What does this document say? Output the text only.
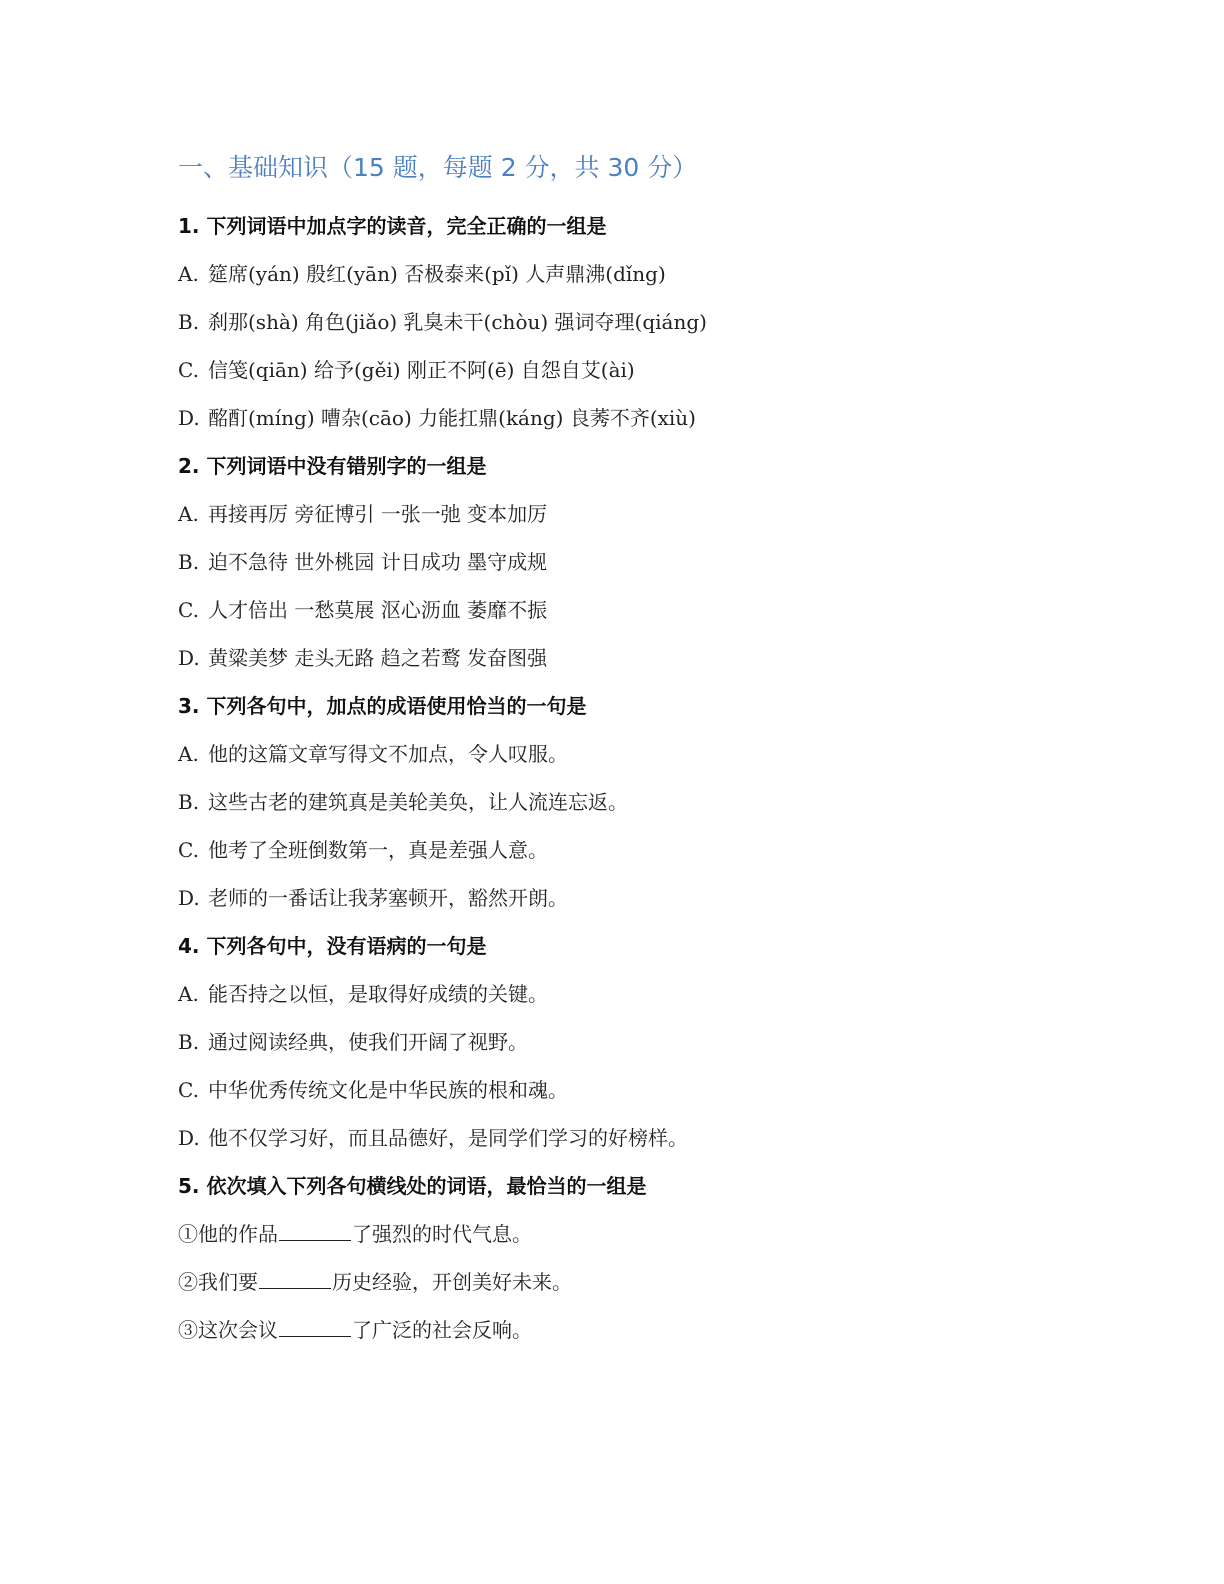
一、基础知识（15 题，每题 2 分，共 30 分）
1. 下列词语中加点字的读音，完全正确的一组是
A. 筵席(yán) 殷红(yān) 否极泰来(pǐ) 人声鼎沸(dǐng)
B. 刹那(shà) 角色(jiǎo) 乳臭未干(chòu) 强词夺理(qiáng)
C. 信笺(qiān) 给予(gěi) 刚正不阿(ē) 自怨自艾(ài)
D. 酩酊(míng) 嘈杂(cāo) 力能扛鼎(káng) 良莠不齐(xiù)
2. 下列词语中没有错别字的一组是
A. 再接再厉 旁征博引 一张一弛 变本加厉
B. 迫不急待 世外桃园 计日成功 墨守成规
C. 人才倍出 一愁莫展 沤心沥血 萎靡不振
D. 黄粱美梦 走头无路 趋之若鹜 发奋图强
3. 下列各句中，加点的成语使用恰当的一句是
A. 他的这篇文章写得文不加点，令人叹服。
B. 这些古老的建筑真是美轮美奂，让人流连忘返。
C. 他考了全班倒数第一，真是差强人意。
D. 老师的一番话让我茅塞顿开，豁然开朗。
4. 下列各句中，没有语病的一句是
A. 能否持之以恒，是取得好成绩的关键。
B. 通过阅读经典，使我们开阔了视野。
C. 中华优秀传统文化是中华民族的根和魂。
D. 他不仅学习好，而且品德好，是同学们学习的好榜样。
5. 依次填入下列各句横线处的词语，最恰当的一组是
①他的作品	了强烈的时代气息。
②我们要	历史经验，开创美好未来。
③这次会议	了广泛的社会反响。
